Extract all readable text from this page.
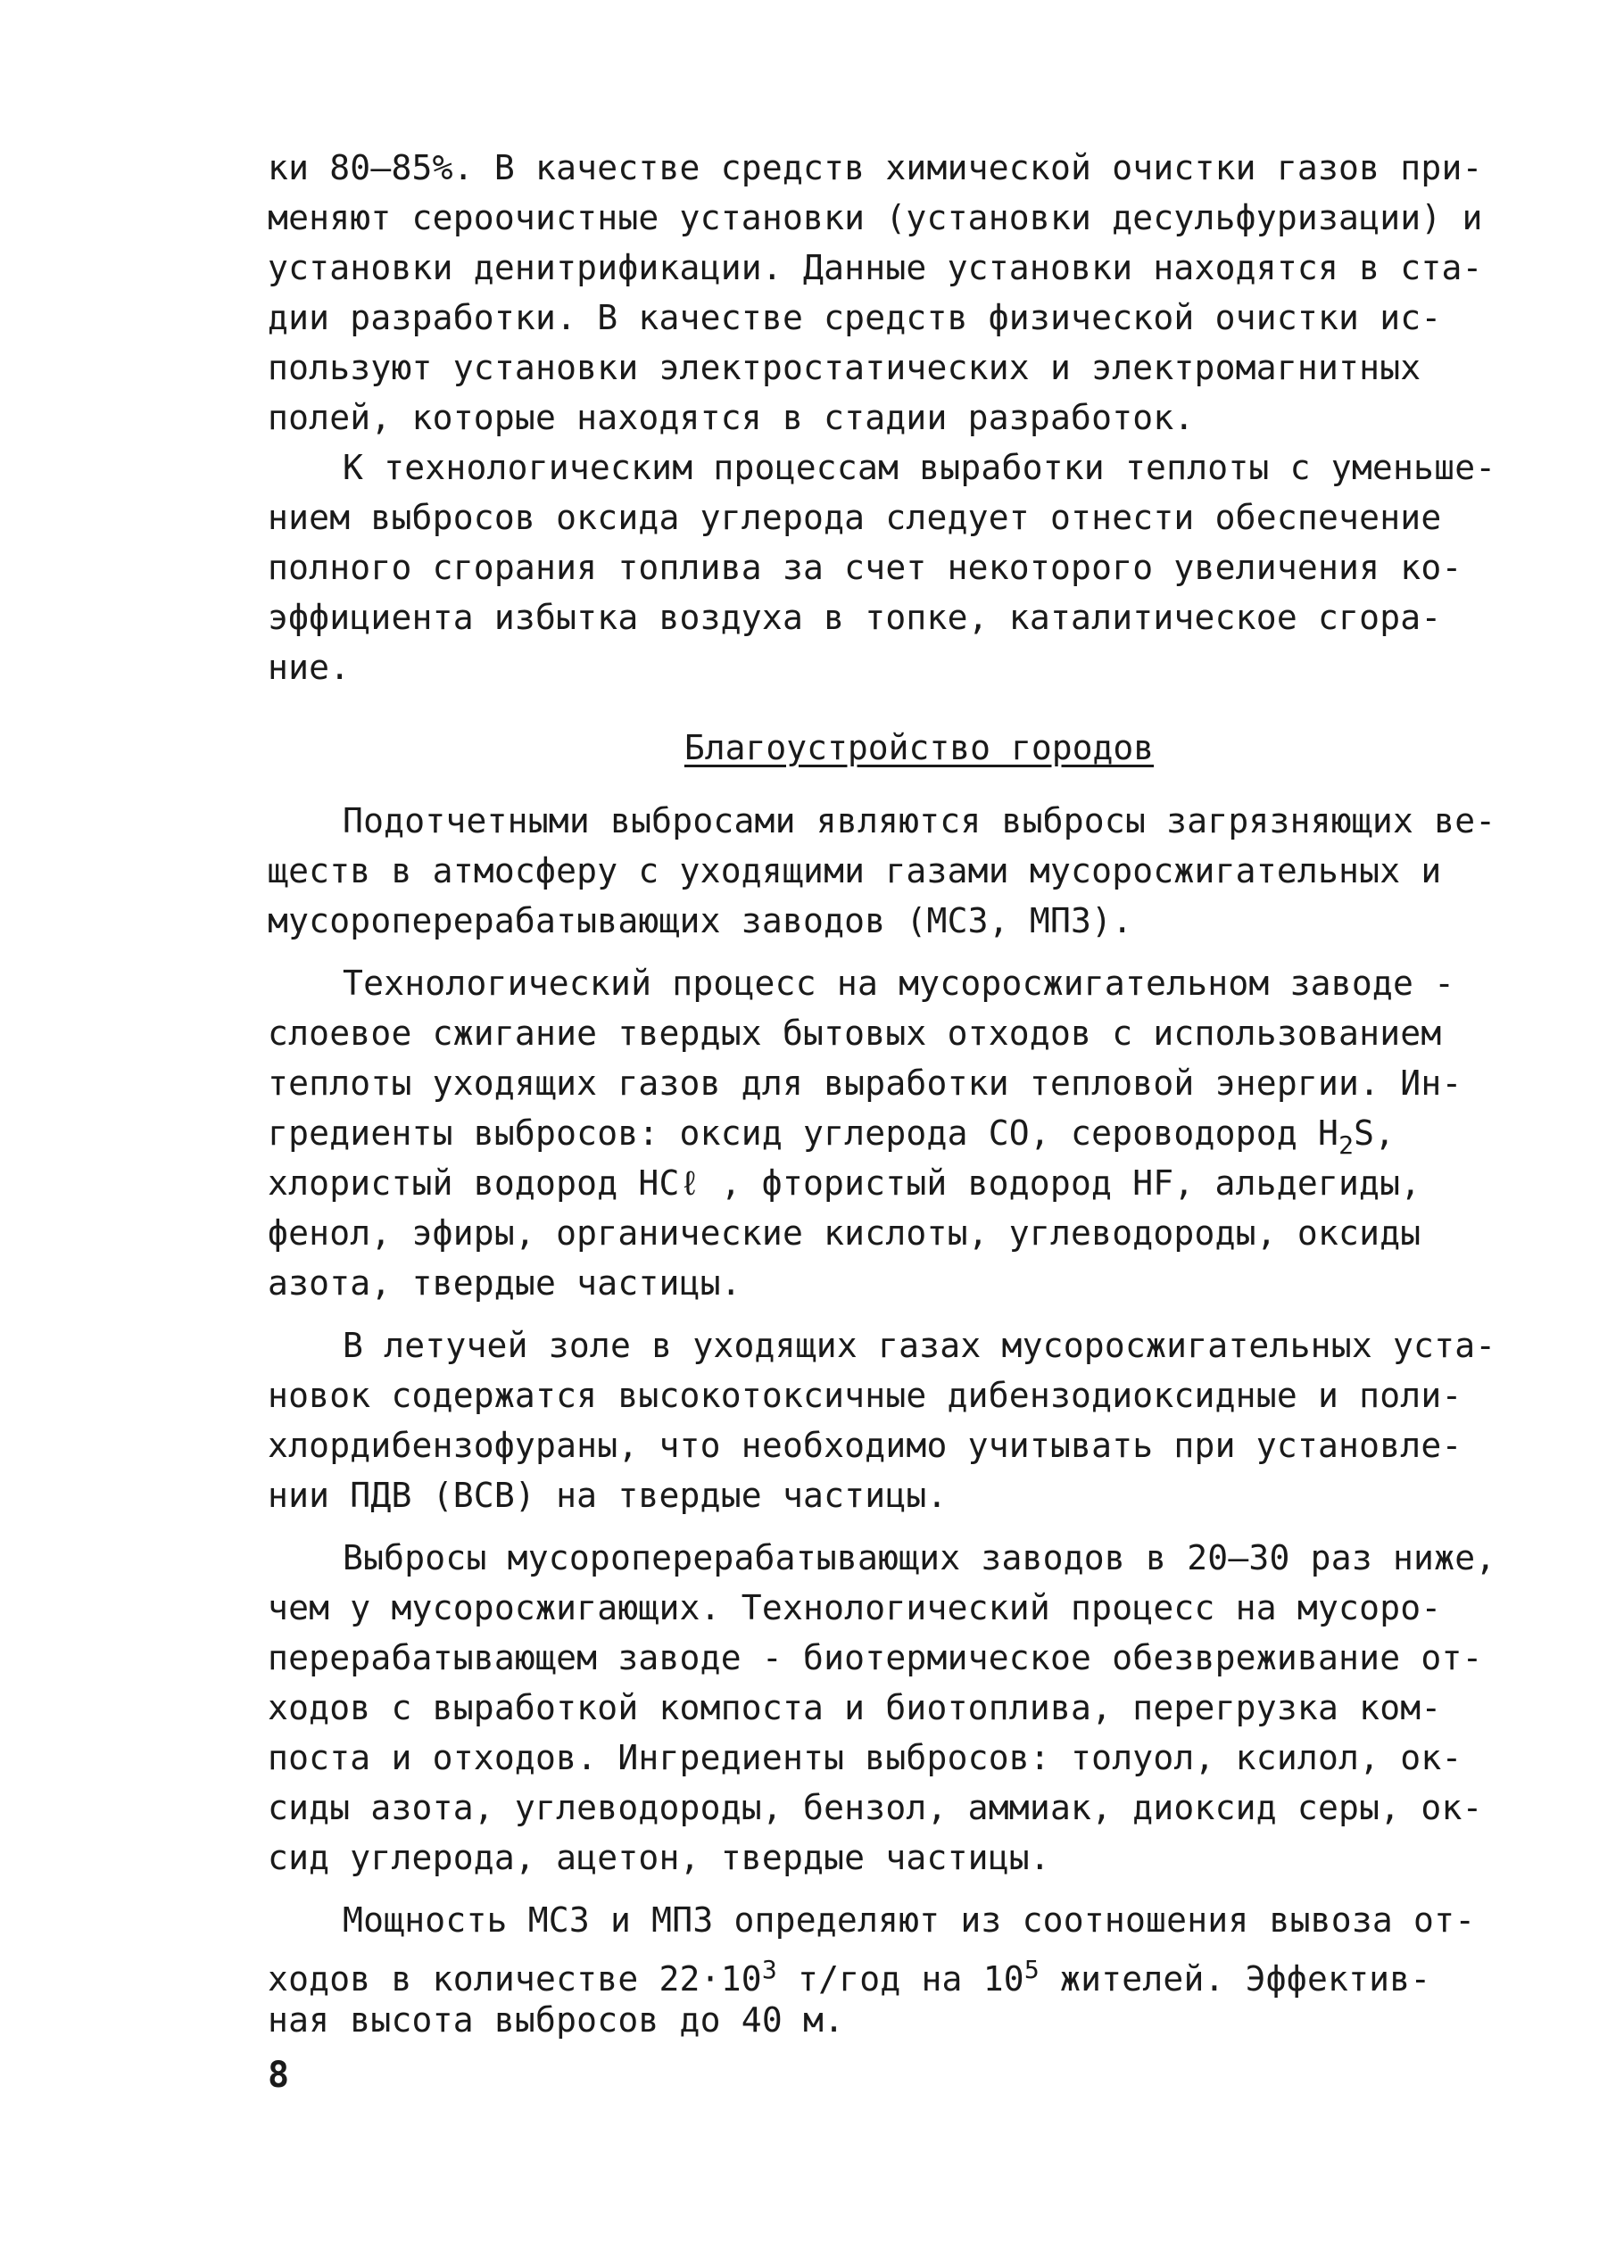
ки 80–85%. В качестве средств химической очистки газов при-
меняют сероочистные установки (установки десульфуризации) и
установки денитрификации. Данные установки находятся в ста-
дии разработки. В качестве средств физической очистки ис-
пользуют установки электростатических и электромагнитных
полей, которые находятся в стадии разработок.
К технологическим процессам выработки теплоты с уменьше-
нием выбросов оксида углерода следует отнести обеспечение
полного сгорания топлива за счет некоторого увеличения ко-
эффициента избытка воздуха в топке, каталитическое сгора-
ние.
Благоустройство городов
Подотчетными выбросами являются выбросы загрязняющих ве-
ществ в атмосферу с уходящими газами мусоросжигательных и
мусороперерабатывающих заводов (МСЗ, МПЗ).
Технологический процесс на мусоросжигательном заводе -
слоевое сжигание твердых бытовых отходов с использованием
теплоты уходящих газов для выработки тепловой энергии. Ин-
гредиенты выбросов: оксид углерода СО, сероводород $Н_2S$,
хлористый водород НСℓ , фтористый водород НF, альдегиды,
фенол, эфиры, органические кислоты, углеводороды, оксиды
азота, твердые частицы.
В летучей золе в уходящих газах мусоросжигательных уста-
новок содержатся высокотоксичные дибензодиоксидные и поли-
хлордибензофураны, что необходимо учитывать при установле-
нии ПДВ (ВСВ) на твердые частицы.
Выбросы мусороперерабатывающих заводов в 20–30 раз ниже,
чем у мусоросжигающих. Технологический процесс на мусоро-
перерабатывающем заводе - биотермическое обезвреживание от-
ходов с выработкой компоста и биотоплива, перегрузка ком-
поста и отходов. Ингредиенты выбросов: толуол, ксилол, ок-
сиды азота, углеводороды, бензол, аммиак, диоксид серы, ок-
сид углерода, ацетон, твердые частицы.
Мощность МСЗ и МПЗ определяют из соотношения вывоза от-
ходов в количестве $22\cdot 10^3$ т/год на $10^5$ жителей. Эффектив-
ная высота выбросов до 40 м.
8
